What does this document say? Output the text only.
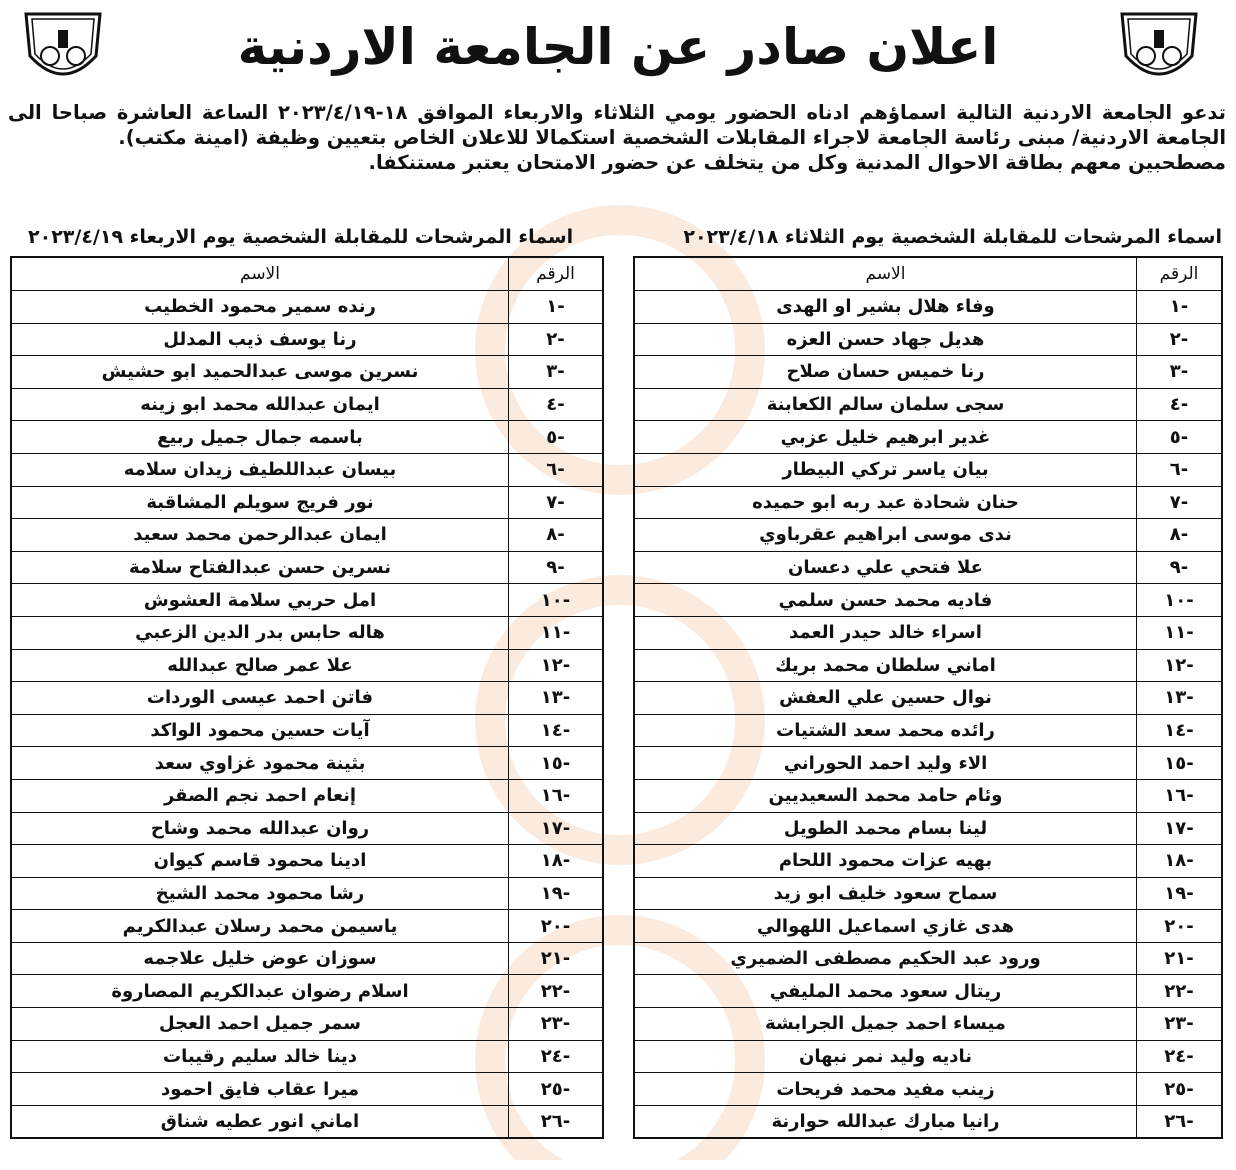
اعلان صادر عن الجامعة الاردنية
تدعو الجامعة الاردنية التالية اسماؤهم ادناه الحضور يومي الثلاثاء والاربعاء الموافق ١٨-٢٠٢٣/٤/١٩ الساعة العاشرة صباحا الى الجامعة الاردنية/ مبنى رئاسة الجامعة لاجراء المقابلات الشخصية استكمالا للاعلان الخاص بتعيين وظيفة (امينة مكتب).
مصطحبين معهم بطاقة الاحوال المدنية وكل من يتخلف عن حضور الامتحان يعتبر مستنكفا.
اسماء المرشحات للمقابلة الشخصية يوم الثلاثاء ٢٠٢٣/٤/١٨
اسماء المرشحات للمقابلة الشخصية يوم الاربعاء ٢٠٢٣/٤/١٩
الرقم	الاسم
-١	وفاء هلال بشير او الهدى
-٢	هديل جهاد حسن العزه
-٣	رنا خميس حسان صلاح
-٤	سجى سلمان سالم الكعابنة
-٥	غدير ابرهيم خليل عزبي
-٦	بيان ياسر تركي البيطار
-٧	حنان شحادة عبد ربه ابو حميده
-٨	ندى موسى ابراهيم عقرباوي
-٩	علا فتحي علي دعسان
-١٠	فاديه محمد حسن سلمي
-١١	اسراء خالد حيدر العمد
-١٢	اماني سلطان محمد بريك
-١٣	نوال حسين علي العفش
-١٤	رائده محمد سعد الشتيات
-١٥	الاء وليد احمد الحوراني
-١٦	وئام حامد محمد السعيديين
-١٧	لينا بسام محمد الطويل
-١٨	بهيه عزات محمود اللحام
-١٩	سماح سعود خليف ابو زيد
-٢٠	هدى غازي اسماعيل اللهوالي
-٢١	ورود عبد الحكيم مصطفى الضميري
-٢٢	ريتال سعود محمد المليفي
-٢٣	ميساء احمد جميل الجرابشة
-٢٤	ناديه وليد نمر نبهان
-٢٥	زينب مفيد محمد فريحات
-٢٦	رانيا مبارك عبدالله حوارنة
الرقم	الاسم
-١	رنده سمير محمود الخطيب
-٢	رنا يوسف ذيب المدلل
-٣	نسرين موسى عبدالحميد ابو حشيش
-٤	ايمان عبدالله محمد ابو زينه
-٥	باسمه جمال جميل ربيع
-٦	بيسان عبداللطيف زيدان سلامه
-٧	نور فريج سويلم المشاقبة
-٨	ايمان عبدالرحمن محمد سعيد
-٩	نسرين حسن عبدالفتاح سلامة
-١٠	امل حربي سلامة العشوش
-١١	هاله حابس بدر الدين الزعبي
-١٢	علا عمر صالح عبدالله
-١٣	فاتن احمد عيسى الوردات
-١٤	آيات حسين محمود الواكد
-١٥	بثينة محمود غزاوي سعد
-١٦	إنعام احمد نجم الصقر
-١٧	روان عبدالله محمد وشاح
-١٨	ادينا محمود قاسم كيوان
-١٩	رشا محمود محمد الشيخ
-٢٠	ياسيمن محمد رسلان عبدالكريم
-٢١	سوزان عوض خليل علاجمه
-٢٢	اسلام رضوان عبدالكريم المصاروة
-٢٣	سمر جميل احمد العجل
-٢٤	دينا خالد سليم رقيبات
-٢٥	ميرا عقاب فايق احمود
-٢٦	اماني انور عطيه شناق
